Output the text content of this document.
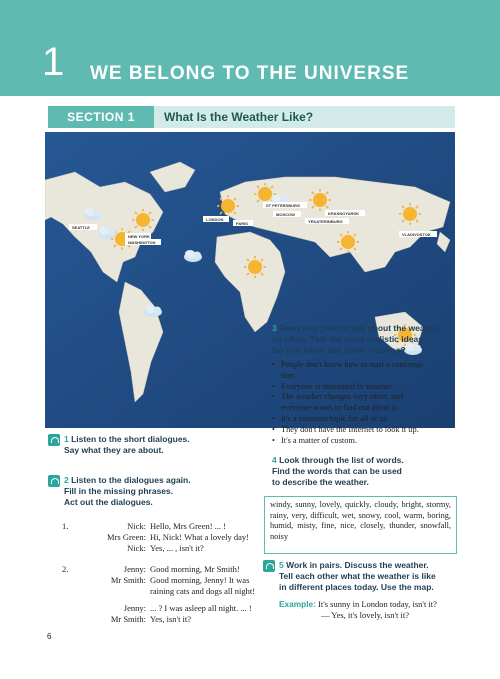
1 WE BELONG TO THE UNIVERSE
SECTION 1	What Is the Weather Like?
SEATTLE
NEW YORK
WASHINGTON
LONDON
PARIS
ST PETERSBURG
MOSCOW
YEKATERINBURG
KRASNOYARSK
VLADIVOSTOK
1 Listen to the short dialogues.
Say what they are about.
2 Listen to the dialogues again.
Fill in the missing phrases.
Act out the dialogues.
1.	Nick: Hello, Mrs Green! ... !
Mrs Green: Hi, Nick! What a lovely day!
Nick: Yes, ... , isn't it?
2.	Jenny: Good morning, Mr Smith!
Mr Smith: Good morning, Jenny! It was
raining cats and dogs all night!
Jenny: ... ? I was asleep all night. ... !
Mr Smith: Yes, isn't it?
3 Read why people talk about the weather
so often. Tick the most realistic ideas.
Do you know any other reasons?
• People don't know how to start a conversa-
tion.
• Everyone is interested in weather.
• The weather changes very often, and
everyone wants to find out about it.
• It's a common topic for all of us.
• They don't have the Internet to look it up.
• It's a matter of custom.
4 Look through the list of words.
Find the words that can be used
to describe the weather.
windy, sunny, lovely, quickly, cloudy, bright, stormy, rainy, very, difficult, wet, snowy, cool, warm, boring, humid, misty, fine, nice, closely, thunder, snowfall, noisy
5 Work in pairs. Discuss the weather.
Tell each other what the weather is like
in different places today. Use the map.
Example: It's sunny in London today, isn't it?
— Yes, it's lovely, isn't it?
6
